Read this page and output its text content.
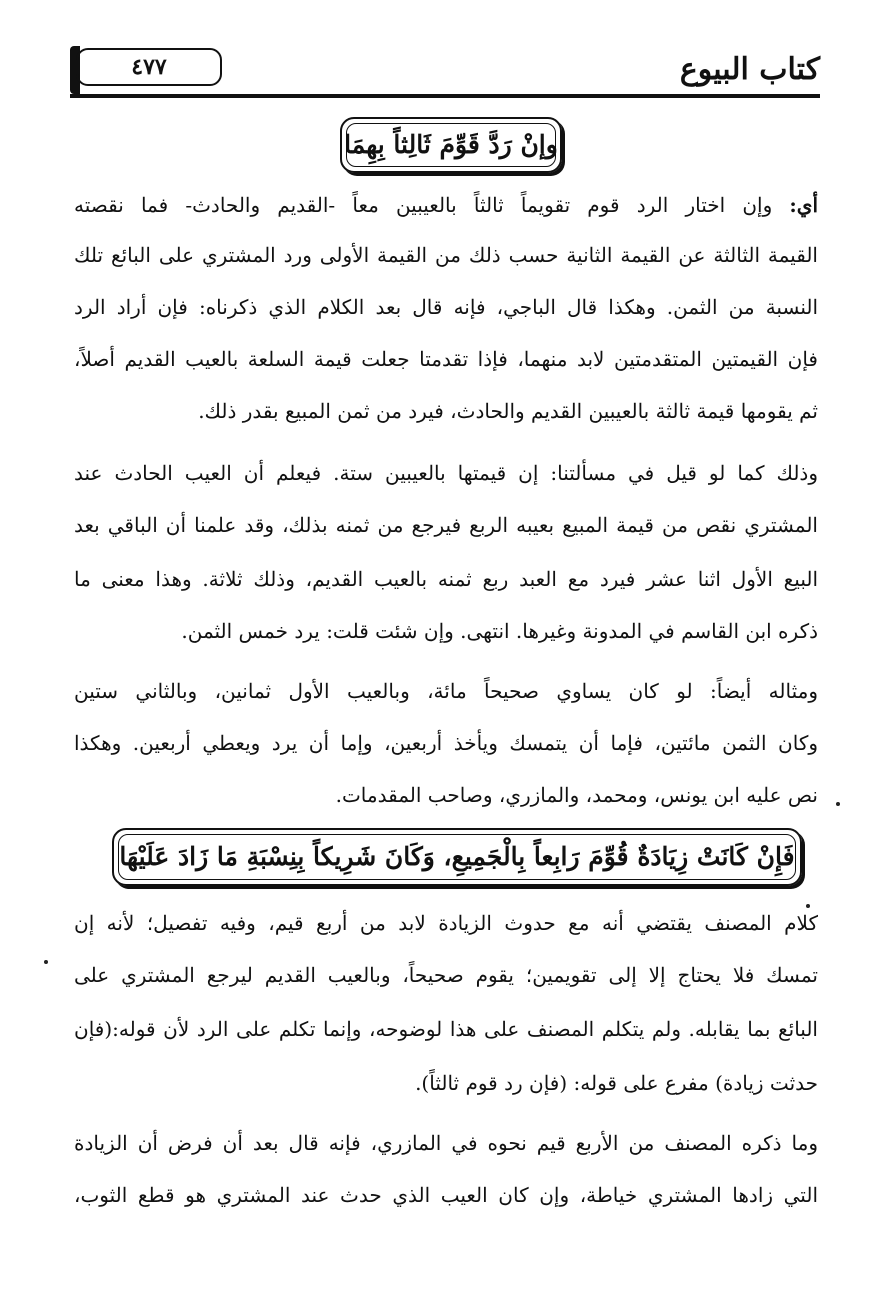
٤٧٧	كتاب البيوع
وإنْ رَدَّ قَوِّمَ ثَالِثاً بِهِمَا
أي: وإن اختار الرد قوم تقويماً ثالثاً بالعيبين معاً -القديم والحادث- فما نقصته
القيمة الثالثة عن القيمة الثانية حسب ذلك من القيمة الأولى ورد المشتري على البائع تلك
النسبة من الثمن. وهكذا قال الباجي، فإنه قال بعد الكلام الذي ذكرناه: فإن أراد الرد
فإن القيمتين المتقدمتين لابد منهما، فإذا تقدمتا جعلت قيمة السلعة بالعيب القديم أصلاً،
ثم يقومها قيمة ثالثة بالعيبين القديم والحادث، فيرد من ثمن المبيع بقدر ذلك.
وذلك كما لو قيل في مسألتنا: إن قيمتها بالعيبين ستة. فيعلم أن العيب الحادث عند
المشتري نقص من قيمة المبيع بعيبه الربع فيرجع من ثمنه بذلك، وقد علمنا أن الباقي بعد
البيع الأول اثنا عشر فيرد مع العبد ربع ثمنه بالعيب القديم، وذلك ثلاثة. وهذا معنى ما
ذكره ابن القاسم في المدونة وغيرها. انتهى. وإن شئت قلت: يرد خمس الثمن.
ومثاله أيضاً: لو كان يساوي صحيحاً مائة، وبالعيب الأول ثمانين، وبالثاني ستين
وكان الثمن مائتين، فإما أن يتمسك ويأخذ أربعين، وإما أن يرد ويعطي أربعين. وهكذا
نص عليه ابن يونس، ومحمد، والمازري، وصاحب المقدمات.
فَإِنْ كَانَتْ زِيَادَةٌ قُوِّمَ رَابِعاً بِالْجَمِيعِ، وَكَانَ شَرِيكاً بِنِسْبَةِ مَا زَادَ عَلَيْهَا
كلام المصنف يقتضي أنه مع حدوث الزيادة لابد من أربع قيم، وفيه تفصيل؛ لأنه إن
تمسك فلا يحتاج إلا إلى تقويمين؛ يقوم صحيحاً، وبالعيب القديم ليرجع المشتري على
البائع بما يقابله. ولم يتكلم المصنف على هذا لوضوحه، وإنما تكلم على الرد لأن قوله:(فإن
حدثت زيادة) مفرع على قوله: (فإن رد قوم ثالثاً).
وما ذكره المصنف من الأربع قيم نحوه في المازري، فإنه قال بعد أن فرض أن الزيادة
التي زادها المشتري خياطة، وإن كان العيب الذي حدث عند المشتري هو قطع الثوب،
